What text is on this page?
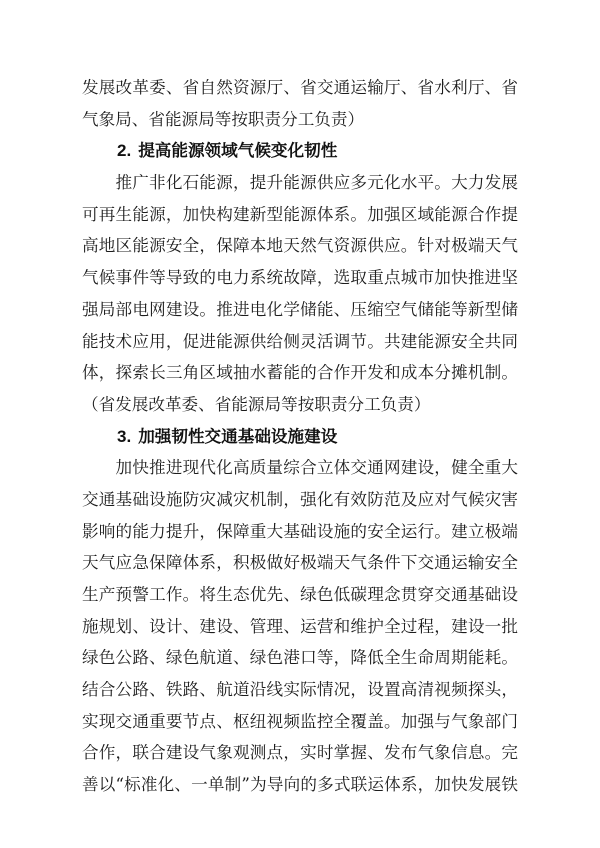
发展改革委、省自然资源厅、省交通运输厅、省水利厅、省
气象局、省能源局等按职责分工负责）
2. 提高能源领域气候变化韧性
推广非化石能源，提升能源供应多元化水平。大力发展
可再生能源，加快构建新型能源体系。加强区域能源合作提
高地区能源安全，保障本地天然气资源供应。针对极端天气
气候事件等导致的电力系统故障，选取重点城市加快推进坚
强局部电网建设。推进电化学储能、压缩空气储能等新型储
能技术应用，促进能源供给侧灵活调节。共建能源安全共同
体，探索长三角区域抽水蓄能的合作开发和成本分摊机制。
（省发展改革委、省能源局等按职责分工负责）
3. 加强韧性交通基础设施建设
加快推进现代化高质量综合立体交通网建设，健全重大
交通基础设施防灾减灾机制，强化有效防范及应对气候灾害
影响的能力提升，保障重大基础设施的安全运行。建立极端
天气应急保障体系，积极做好极端天气条件下交通运输安全
生产预警工作。将生态优先、绿色低碳理念贯穿交通基础设
施规划、设计、建设、管理、运营和维护全过程，建设一批
绿色公路、绿色航道、绿色港口等，降低全生命周期能耗。
结合公路、铁路、航道沿线实际情况，设置高清视频探头，
实现交通重要节点、枢纽视频监控全覆盖。加强与气象部门
合作，联合建设气象观测点，实时掌握、发布气象信息。完
善以“标准化、一单制”为导向的多式联运体系，加快发展铁
